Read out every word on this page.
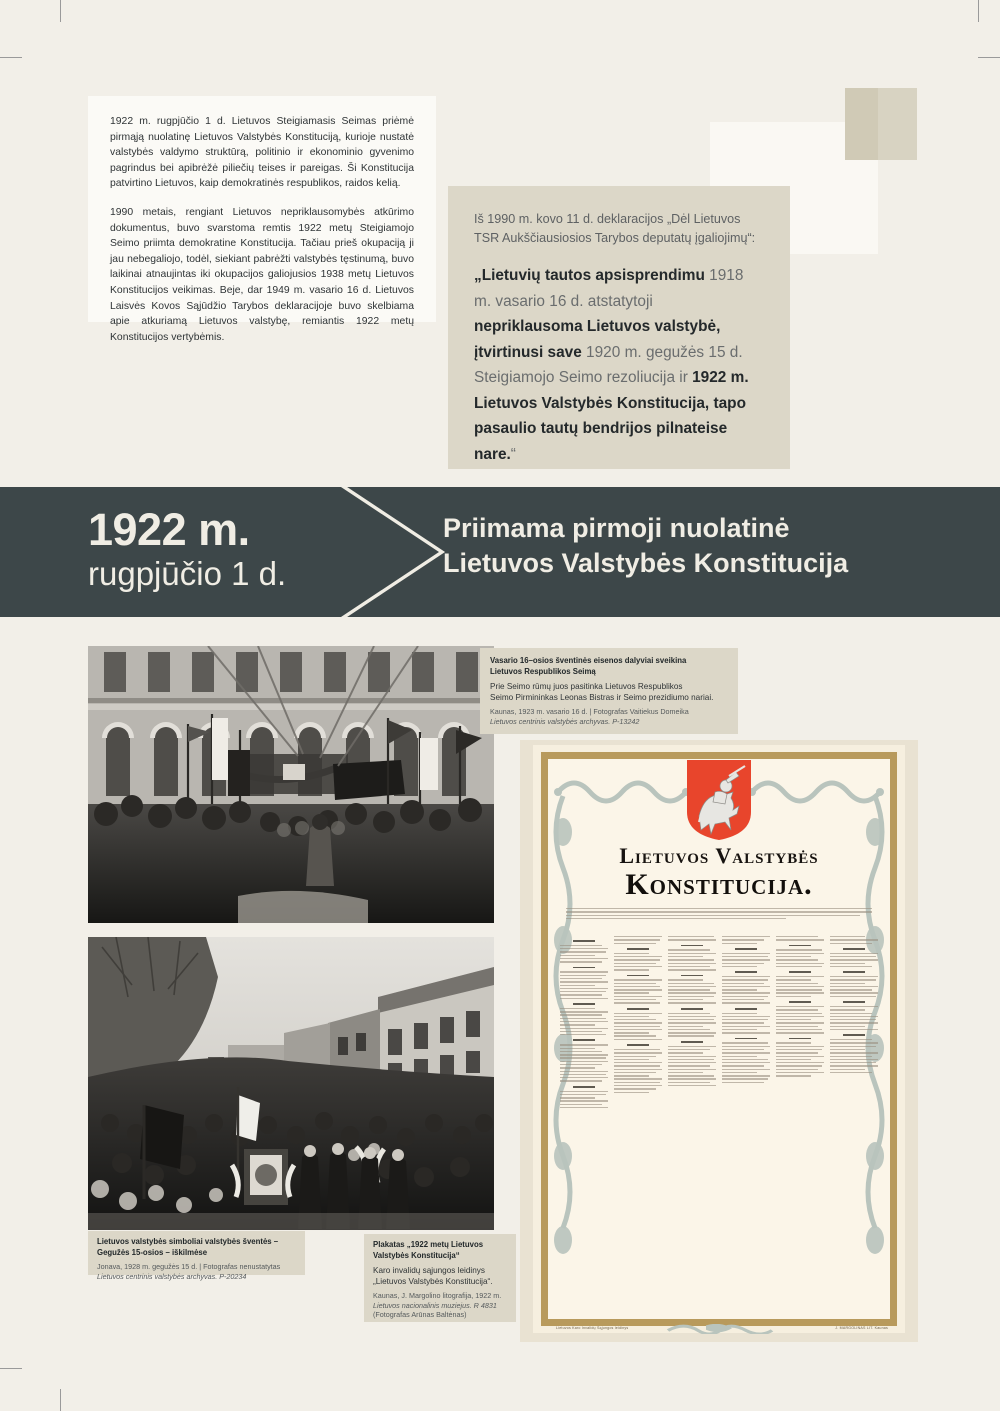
1922 m. rugpjūčio 1 d. Lietuvos Steigiamasis Seimas priėmė pirmąją nuolatinę Lietuvos Valstybės Konstituciją, kurioje nustatė valstybės valdymo struktūrą, politinio ir ekonominio gyvenimo pagrindus bei apibrėžė piliečių teises ir pareigas. Ši Konstitucija patvirtino Lietuvos, kaip demokratinės respublikos, raidos kelią.

1990 metais, rengiant Lietuvos nepriklausomybės atkūrimo dokumentus, buvo svarstoma remtis 1922 metų Steigiamojo Seimo priimta demokratine Konstitucija. Tačiau prieš okupaciją ji jau nebegaliojo, todėl, siekiant pabrėžti valstybės tęstinumą, buvo laikinai atnaujintas iki okupacijos galiojusios 1938 metų Lietuvos Konstitucijos veikimas. Beje, dar 1949 m. vasario 16 d. Lietuvos Laisvės Kovos Sąjūdžio Tarybos deklaracijoje buvo skelbiama apie atkuriamą Lietuvos valstybę, remiantis 1922 metų Konstitucijos vertybėmis.

Iš 1990 m. kovo 11 d. deklaracijos „Dėl Lietuvos TSR Aukščiausiosios Tarybos deputatų įgaliojimų“:

„Lietuvių tautos apsisprendimu 1918 m. vasario 16 d. atstatytoji nepriklausoma Lietuvos valstybė, įtvirtinusi save 1920 m. gegužės 15 d. Steigiamojo Seimo rezoliucija ir 1922 m. Lietuvos Valstybės Konstitucija, tapo pasaulio tautų bendrijos pilnateise nare.“

1922 m.
rugpjūčio 1 d.
Priimama pirmoji nuolatinė
Lietuvos Valstybės Konstitucija

Vasario 16–osios šventinės eisenos dalyviai sveikina
Lietuvos Respublikos Seimą

Prie Seimo rūmų juos pasitinka Lietuvos Respublikos
Seimo Pirmininkas Leonas Bistras ir Seimo prezidiumo nariai.

Kaunas, 1923 m. vasario 16 d. | Fotografas Vaitiekus Domeika
Lietuvos centrinis valstybės archyvas. P-13242

Lietuvos valstybės simboliai valstybės šventės –
Gegužės 15-osios – iškilmėse

Jonava, 1928 m. gegužės 15 d. | Fotografas nenustatytas
Lietuvos centrinis valstybės archyvas. P-20234

Lietuvos Valstybės
Konstitucija.
Lietuvos Karo Invalidų Sąjungos leidinys	J. MARGOLINAS LIT. Kaunas

Plakatas „1922 metų Lietuvos
Valstybės Konstitucija“

Karo invalidų sąjungos leidinys
„Lietuvos Valstybės Konstitucija“.

Kaunas, J. Margolino litografija, 1922 m.
Lietuvos nacionalinis muziejus. R 4831
(Fotografas Arūnas Baltėnas)
